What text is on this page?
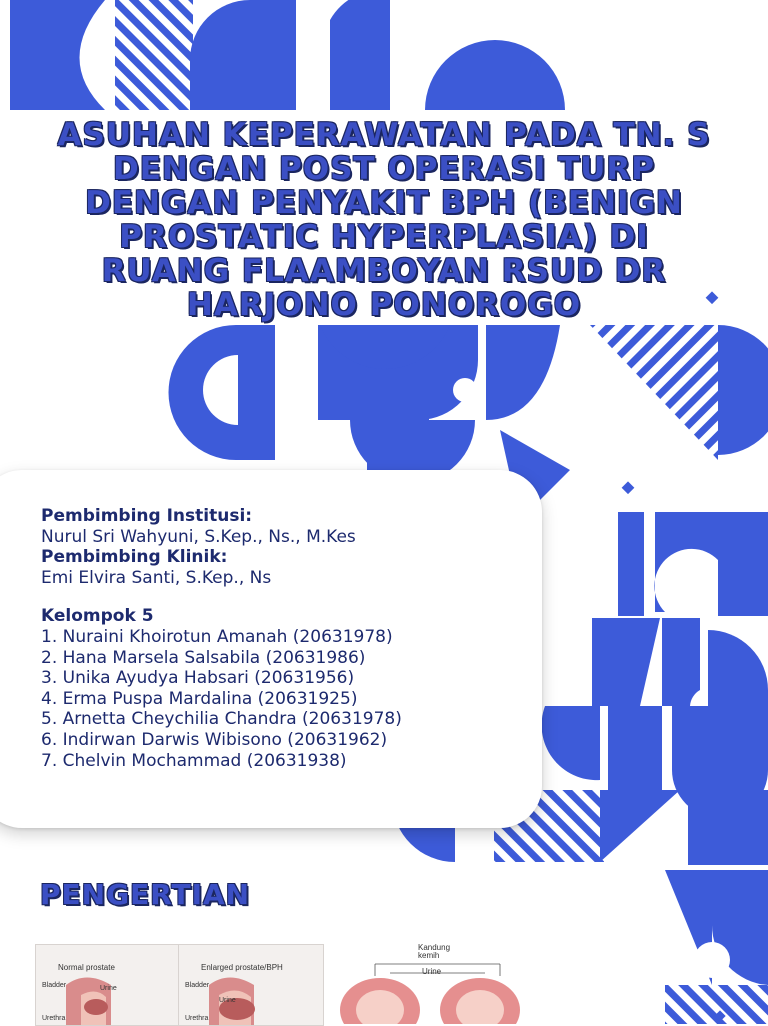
ASUHAN KEPERAWATAN PADA TN. S
DENGAN POST OPERASI TURP
DENGAN PENYAKIT BPH (BENIGN
PROSTATIC HYPERPLASIA) DI
RUANG FLAAMBOYAN RSUD DR
HARJONO PONOROGO
Pembimbing Institusi:
Nurul Sri Wahyuni, S.Kep., Ns., M.Kes
Pembimbing Klinik:
Emi Elvira Santi, S.Kep., Ns
Kelompok 5
1. Nuraini Khoirotun Amanah (20631978)
2. Hana Marsela Salsabila (20631986)
3. Unika Ayudya Habsari (20631956)
4. Erma Puspa Mardalina (20631925)
5. Arnetta Cheychilia Chandra (20631978)
6. Indirwan Darwis Wibisono (20631962)
7. Chelvin Mochammad (20631938)
PENGERTIAN
Normal prostate
Bladder
Urethra
Urine
Enlarged prostate/BPH
Bladder
Urethra
Urine
Kandung
kemih
Urine
